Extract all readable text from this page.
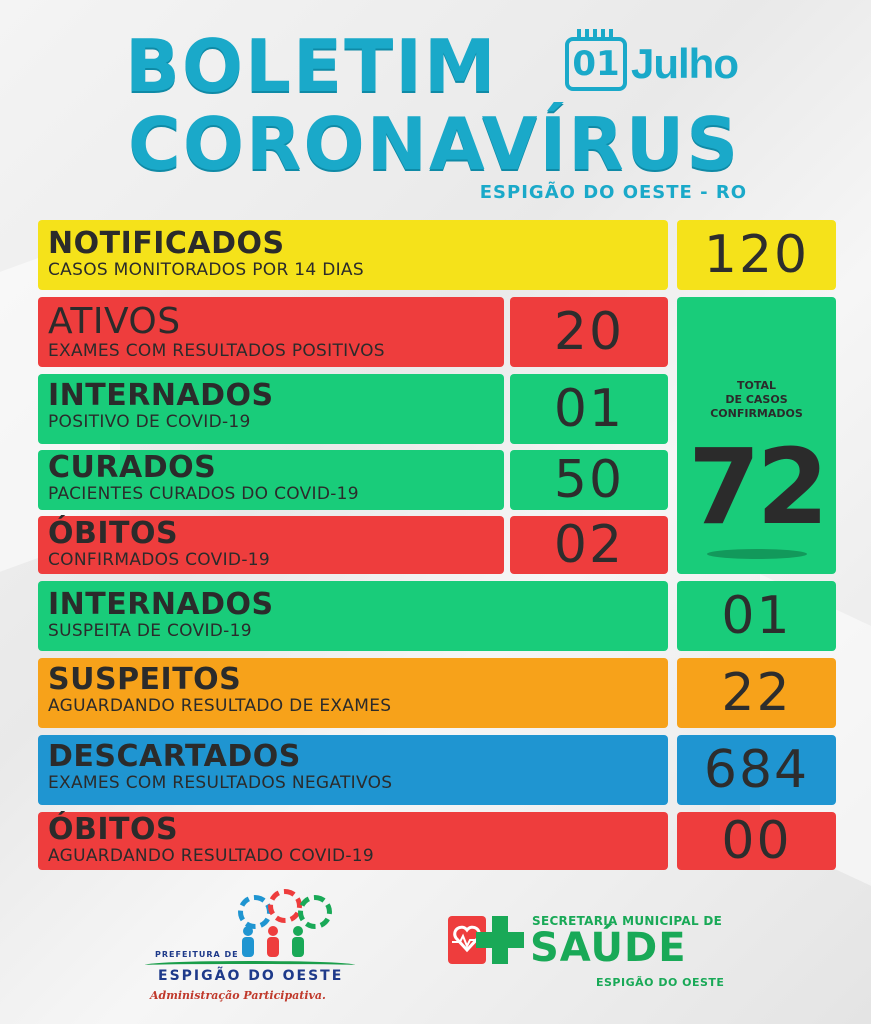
BOLETIM
CORONAVÍRUS
01 Julho
ESPIGÃO DO OESTE - RO
NOTIFICADOS
CASOS MONITORADOS POR 14 DIAS	120
ATIVOS
EXAMES COM RESULTADOS POSITIVOS	20
INTERNADOS
POSITIVO DE COVID-19	01
CURADOS
PACIENTES CURADOS DO COVID-19	50
ÓBITOS
CONFIRMADOS COVID-19	02
TOTAL
DE CASOS
CONFIRMADOS
72
INTERNADOS
SUSPEITA DE COVID-19	01
SUSPEITOS
AGUARDANDO RESULTADO DE EXAMES	22
DESCARTADOS
EXAMES COM RESULTADOS NEGATIVOS	684
ÓBITOS
AGUARDANDO RESULTADO COVID-19	00
PREFEITURA DE
ESPIGÃO DO OESTE
Administração Participativa.
SECRETARIA MUNICIPAL DE
SAÚDE
ESPIGÃO DO OESTE
